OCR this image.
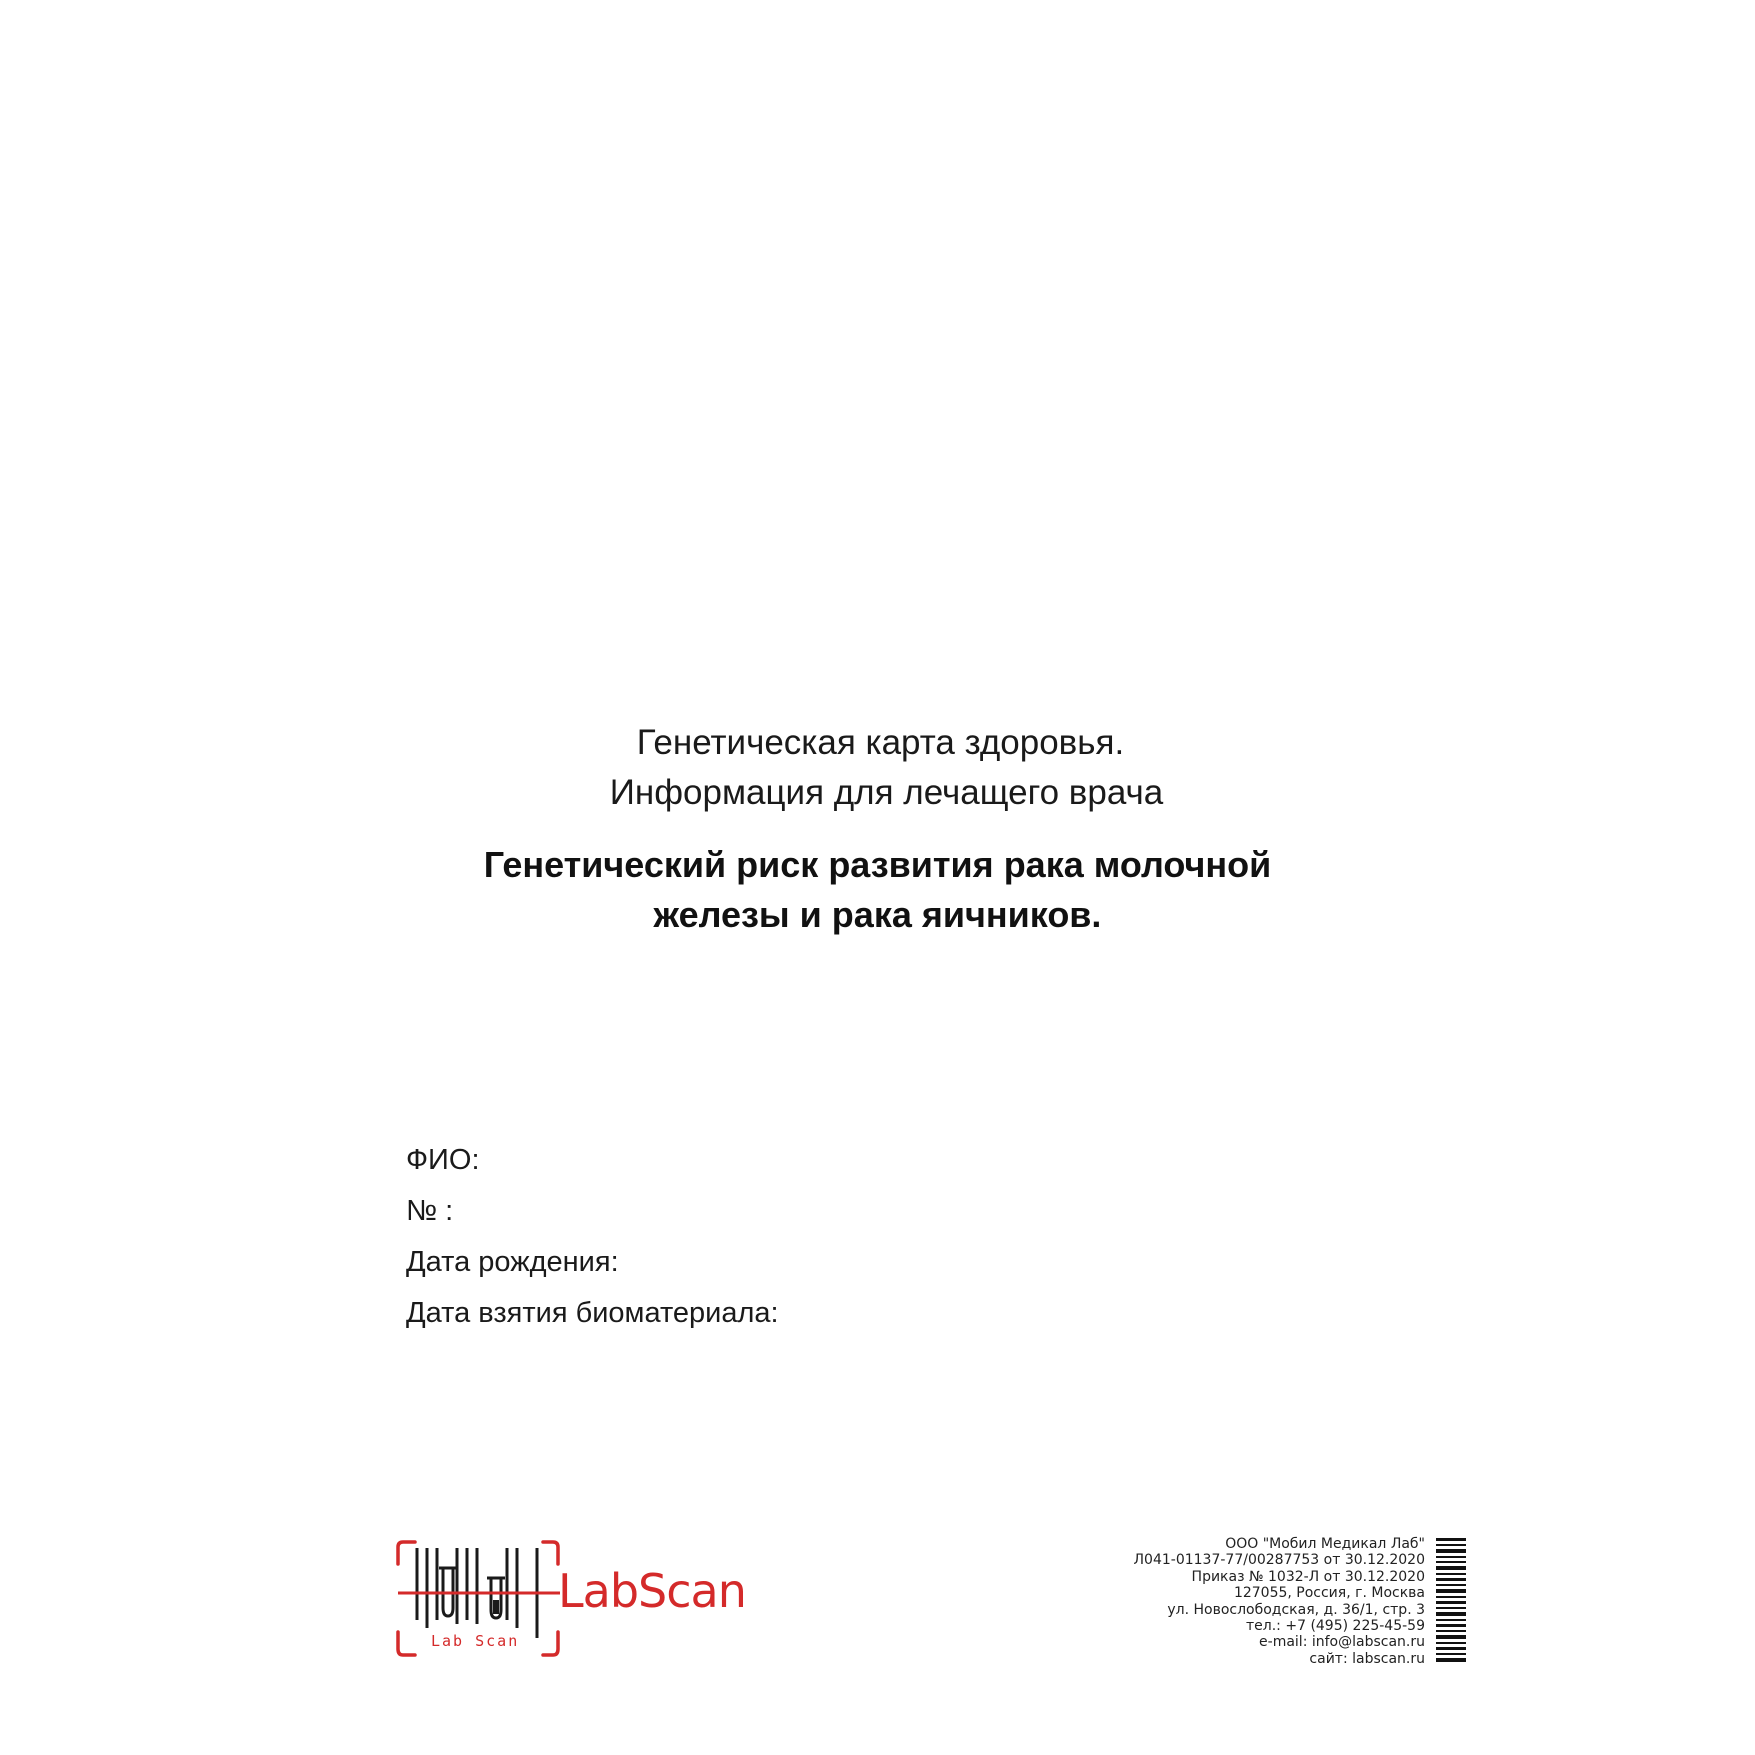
Генетическая карта здоровья.
Информация для лечащего врача
Генетический риск развития рака молочной
железы и рака яичников.
ФИО:
№ :
Дата рождения:
Дата взятия биоматериала:
Lab Scan
LabScan
ООО "Мобил Медикал Лаб"
Л041-01137-77/00287753 от 30.12.2020
Приказ № 1032-Л от 30.12.2020
127055, Россия, г. Москва
ул. Новослободская, д. 36/1, стр. 3
тел.: +7 (495) 225-45-59
e-mail: info@labscan.ru
сайт: labscan.ru
